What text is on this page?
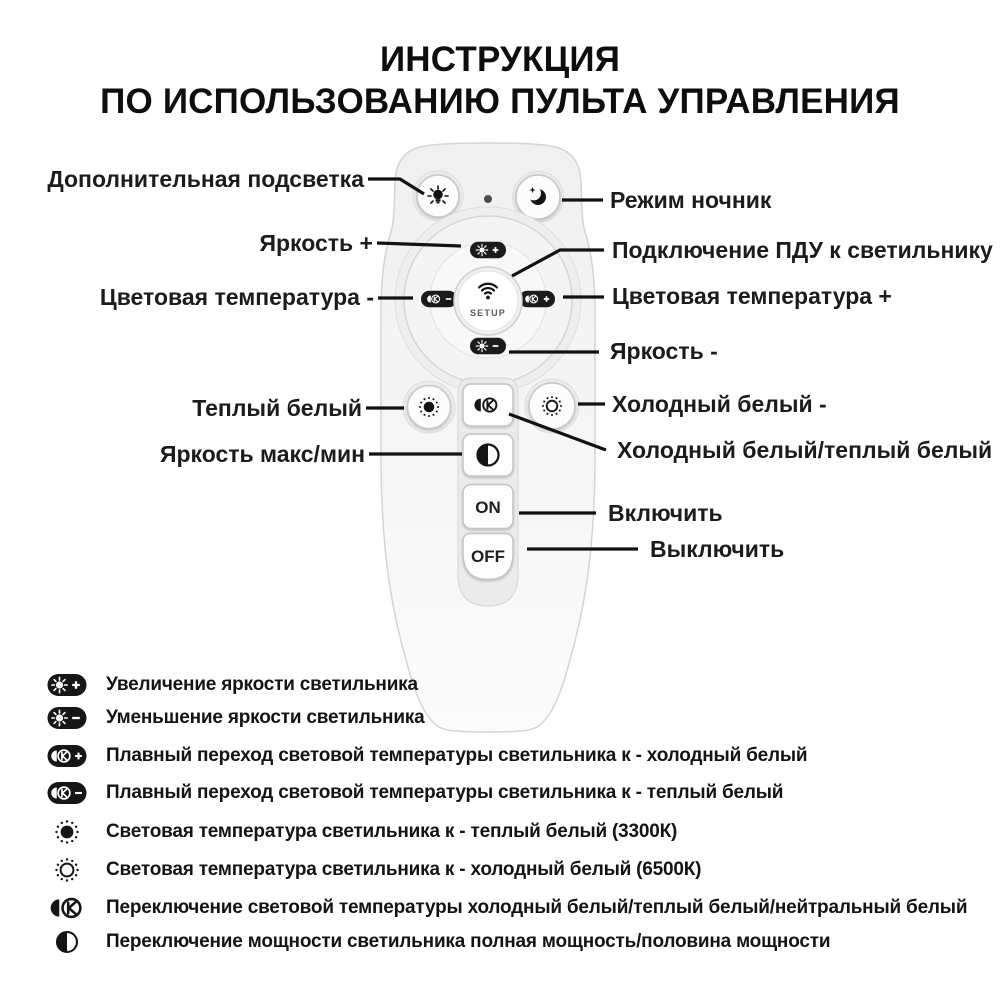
ИНСТРУКЦИЯ
ПО ИСПОЛЬЗОВАНИЮ ПУЛЬТА УПРАВЛЕНИЯ
SETUP
ON
OFF
Дополнительная подсветка
Яркость +
Цветовая температура -
Теплый белый
Яркость макс/мин
Режим ночник
Подключение ПДУ к светильнику
Цветовая температура +
Яркость -
Холодный белый -
Холодный белый/теплый белый
Включить
Выключить
Увеличение яркости светильника
Уменьшение яркости светильника
Плавный переход световой температуры светильника к - холодный белый
Плавный переход световой температуры светильника к - теплый белый
Световая температура светильника к - теплый белый (3300К)
Световая температура светильника к - холодный белый (6500К)
Переключение световой температуры холодный белый/теплый белый/нейтральный белый
Переключение мощности светильника полная мощность/половина мощности
